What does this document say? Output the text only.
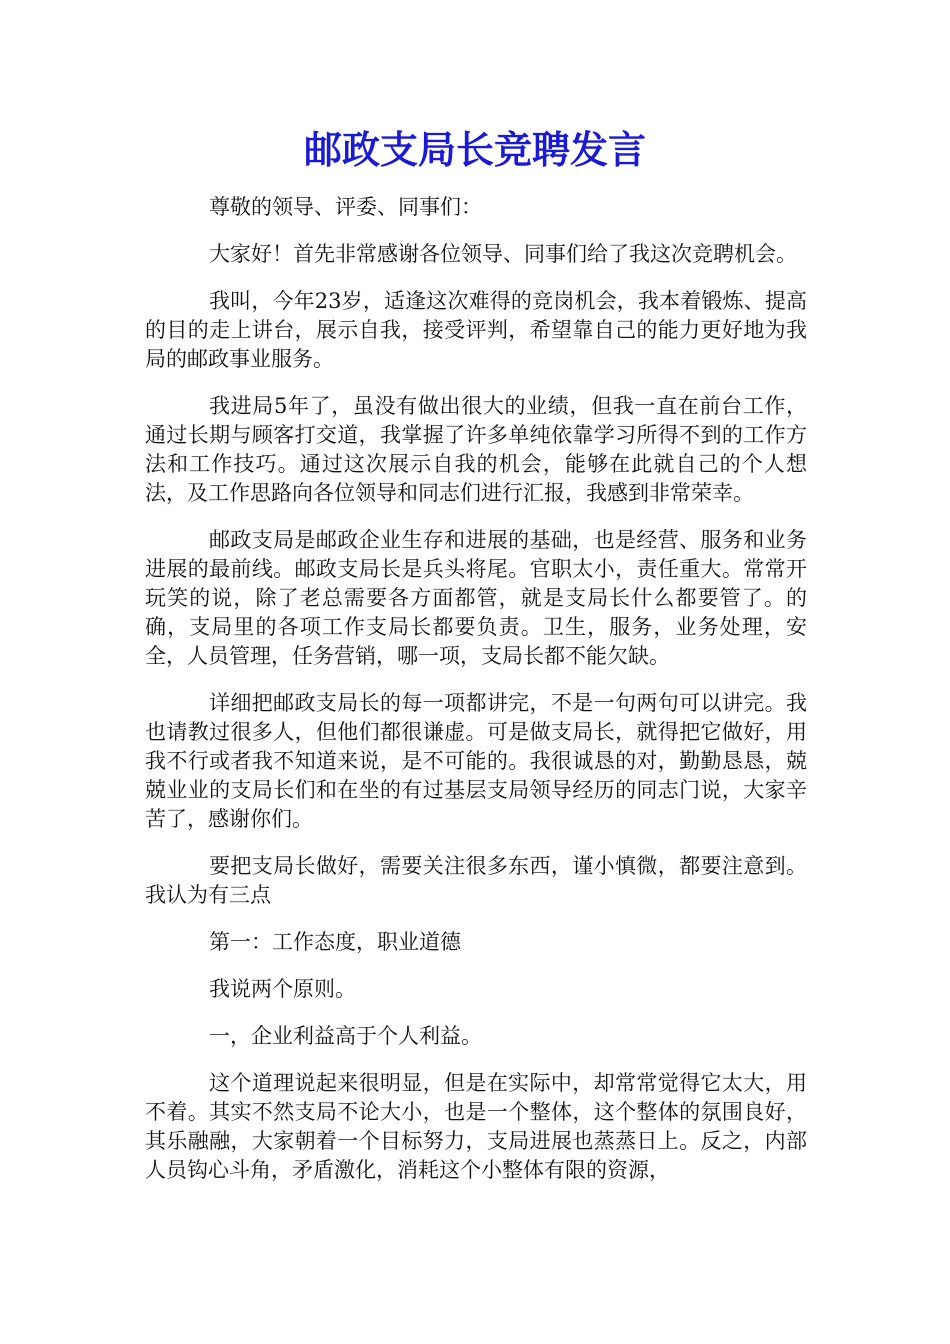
邮政支局长竞聘发言

尊敬的领导、评委、同事们：

大家好！首先非常感谢各位领导、同事们给了我这次竞聘机会。

我叫，今年23岁，适逢这次难得的竞岗机会，我本着锻炼、提高的目的走上讲台，展示自我，接受评判，希望靠自己的能力更好地为我局的邮政事业服务。

我进局5年了，虽没有做出很大的业绩，但我一直在前台工作，通过长期与顾客打交道，我掌握了许多单纯依靠学习所得不到的工作方法和工作技巧。通过这次展示自我的机会，能够在此就自己的个人想法，及工作思路向各位领导和同志们进行汇报，我感到非常荣幸。

邮政支局是邮政企业生存和进展的基础，也是经营、服务和业务进展的最前线。邮政支局长是兵头将尾。官职太小，责任重大。常常开玩笑的说，除了老总需要各方面都管，就是支局长什么都要管了。的确，支局里的各项工作支局长都要负责。卫生，服务，业务处理，安全，人员管理，任务营销，哪一项，支局长都不能欠缺。

详细把邮政支局长的每一项都讲完，不是一句两句可以讲完。我也请教过很多人，但他们都很谦虚。可是做支局长，就得把它做好，用我不行或者我不知道来说，是不可能的。我很诚恳的对，勤勤恳恳，兢兢业业的支局长们和在坐的有过基层支局领导经历的同志门说，大家辛苦了，感谢你们。

要把支局长做好，需要关注很多东西，谨小慎微，都要注意到。我认为有三点

第一：工作态度，职业道德

我说两个原则。

一，企业利益高于个人利益。

这个道理说起来很明显，但是在实际中，却常常觉得它太大，用不着。其实不然支局不论大小，也是一个整体，这个整体的氛围良好，其乐融融，大家朝着一个目标努力，支局进展也蒸蒸日上。反之，内部人员钩心斗角，矛盾激化，消耗这个小整体有限的资源，
